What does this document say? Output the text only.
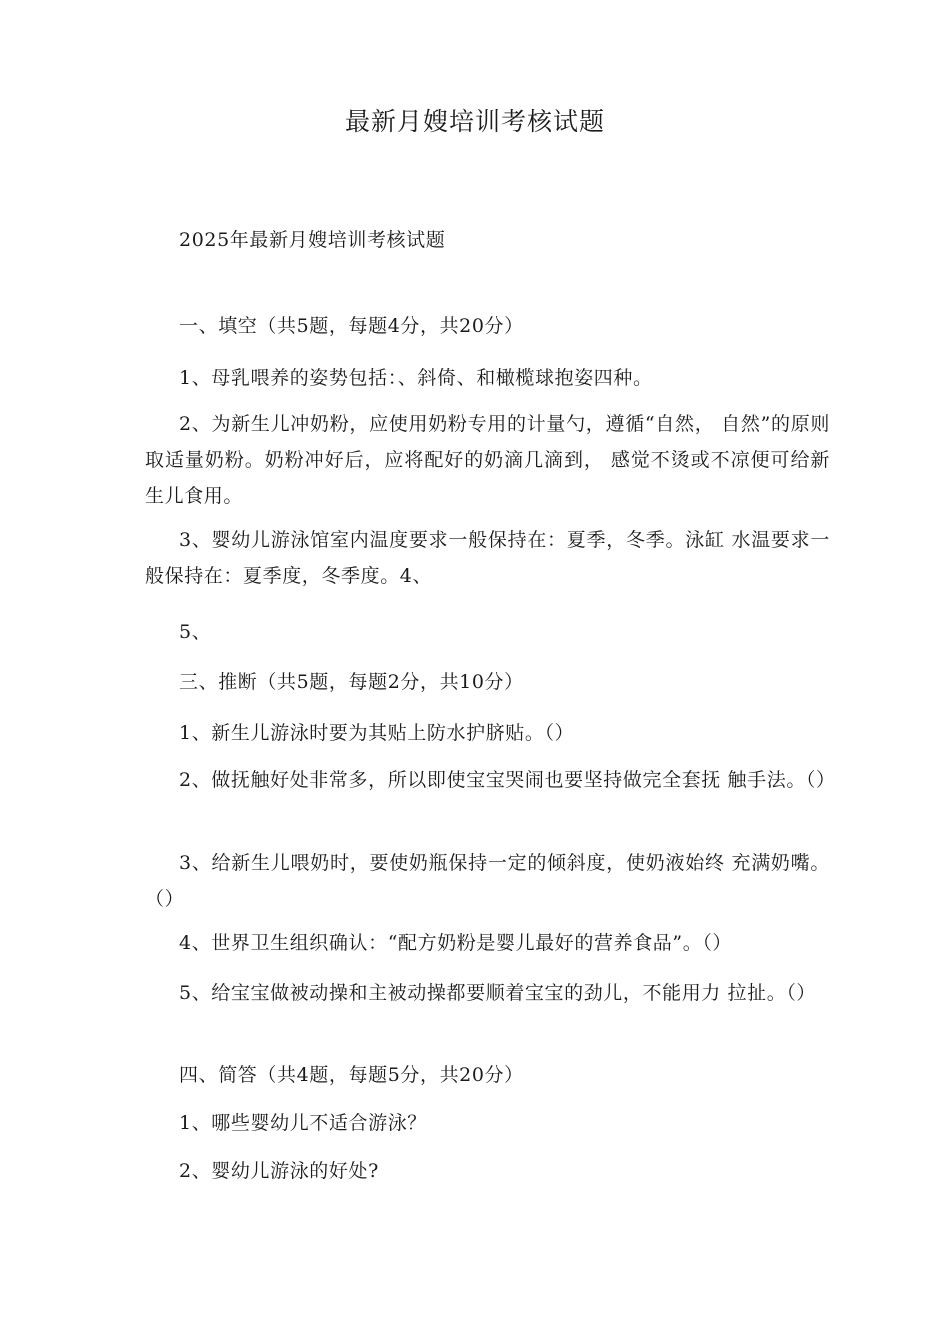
最新月嫂培训考核试题
2025年最新月嫂培训考核试题
一、填空（共5题，每题4分，共20分）
1、母乳喂养的姿势包括：、斜倚、和橄榄球抱姿四种。
2、为新生儿冲奶粉，应使用奶粉专用的计量勺，遵循“自然， 自然”的原则取适量奶粉。奶粉冲好后，应将配好的奶滴几滴到， 感觉不烫或不凉便可给新生儿食用。
3、婴幼儿游泳馆室内温度要求一般保持在：夏季，冬季。泳缸 水温要求一般保持在：夏季度，冬季度。4、
5、
三、推断（共5题，每题2分，共10分）
1、新生儿游泳时要为其贴上防水护脐贴。（）
2、做抚触好处非常多，所以即使宝宝哭闹也要坚持做完全套抚 触手法。（）
3、给新生儿喂奶时，要使奶瓶保持一定的倾斜度，使奶液始终 充满奶嘴。（）
4、世界卫生组织确认：“配方奶粉是婴儿最好的营养食品”。（）
5、给宝宝做被动操和主被动操都要顺着宝宝的劲儿，不能用力 拉扯。（）
四、简答（共4题，每题5分，共20分）
1、哪些婴幼儿不适合游泳？
2、婴幼儿游泳的好处?
